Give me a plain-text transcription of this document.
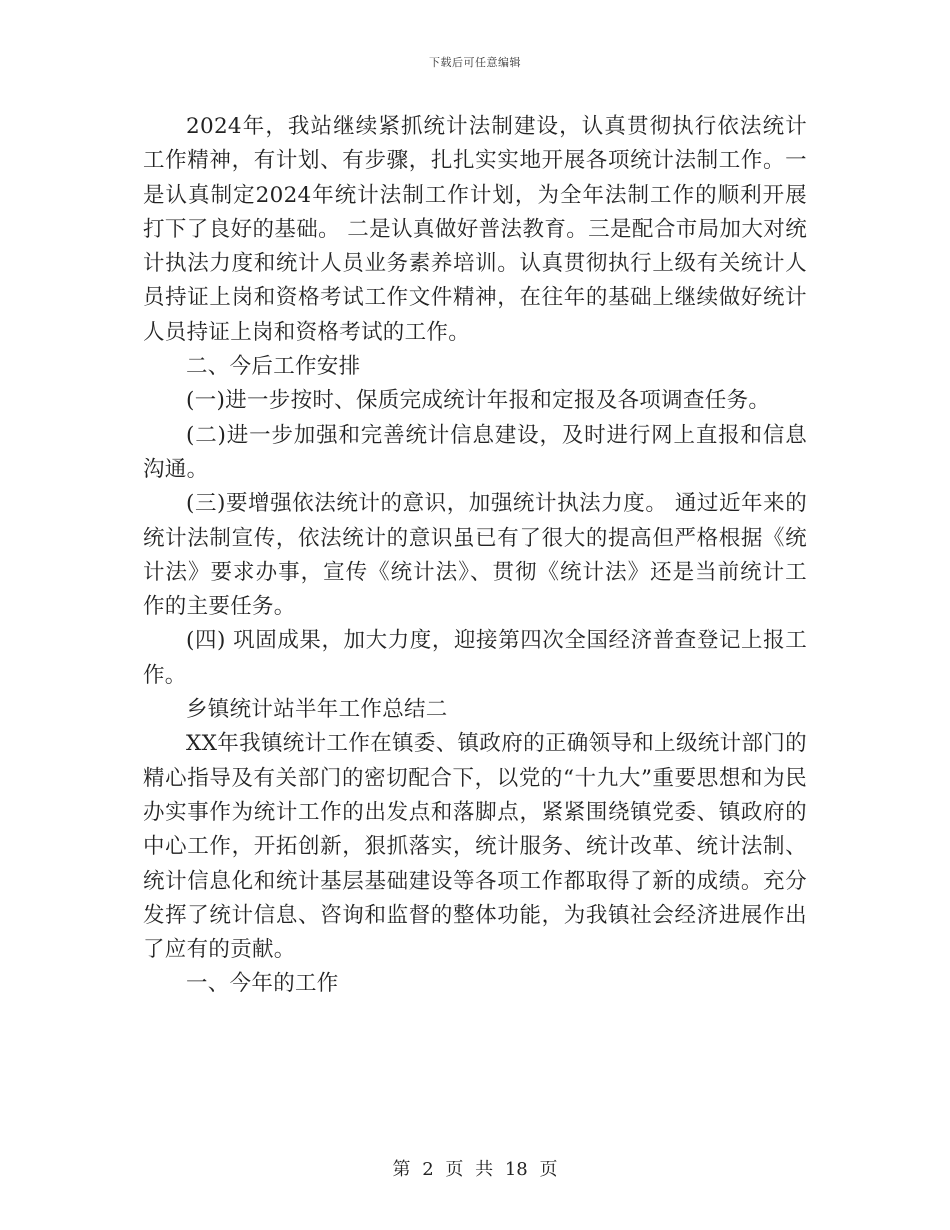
下载后可任意编辑

2024年，我站继续紧抓统计法制建设，认真贯彻执行依法统计工作精神，有计划、有步骤，扎扎实实地开展各项统计法制工作。一是认真制定2024年统计法制工作计划，为全年法制工作的顺利开展打下了良好的基础。 二是认真做好普法教育。三是配合市局加大对统计执法力度和统计人员业务素养培训。认真贯彻执行上级有关统计人员持证上岗和资格考试工作文件精神，在往年的基础上继续做好统计人员持证上岗和资格考试的工作。

二、今后工作安排

(一)进一步按时、保质完成统计年报和定报及各项调查任务。

(二)进一步加强和完善统计信息建设，及时进行网上直报和信息沟通。

(三)要增强依法统计的意识，加强统计执法力度。 通过近年来的统计法制宣传，依法统计的意识虽已有了很大的提高但严格根据《统计法》要求办事，宣传《统计法》、贯彻《统计法》还是当前统计工作的主要任务。

(四) 巩固成果，加大力度，迎接第四次全国经济普查登记上报工作。

乡镇统计站半年工作总结二

XX年我镇统计工作在镇委、镇政府的正确领导和上级统计部门的精心指导及有关部门的密切配合下，以党的“十九大”重要思想和为民办实事作为统计工作的出发点和落脚点，紧紧围绕镇党委、镇政府的中心工作，开拓创新，狠抓落实，统计服务、统计改革、统计法制、统计信息化和统计基层基础建设等各项工作都取得了新的成绩。充分发挥了统计信息、咨询和监督的整体功能，为我镇社会经济进展作出了应有的贡献。

一、今年的工作

第 2 页 共 18 页
